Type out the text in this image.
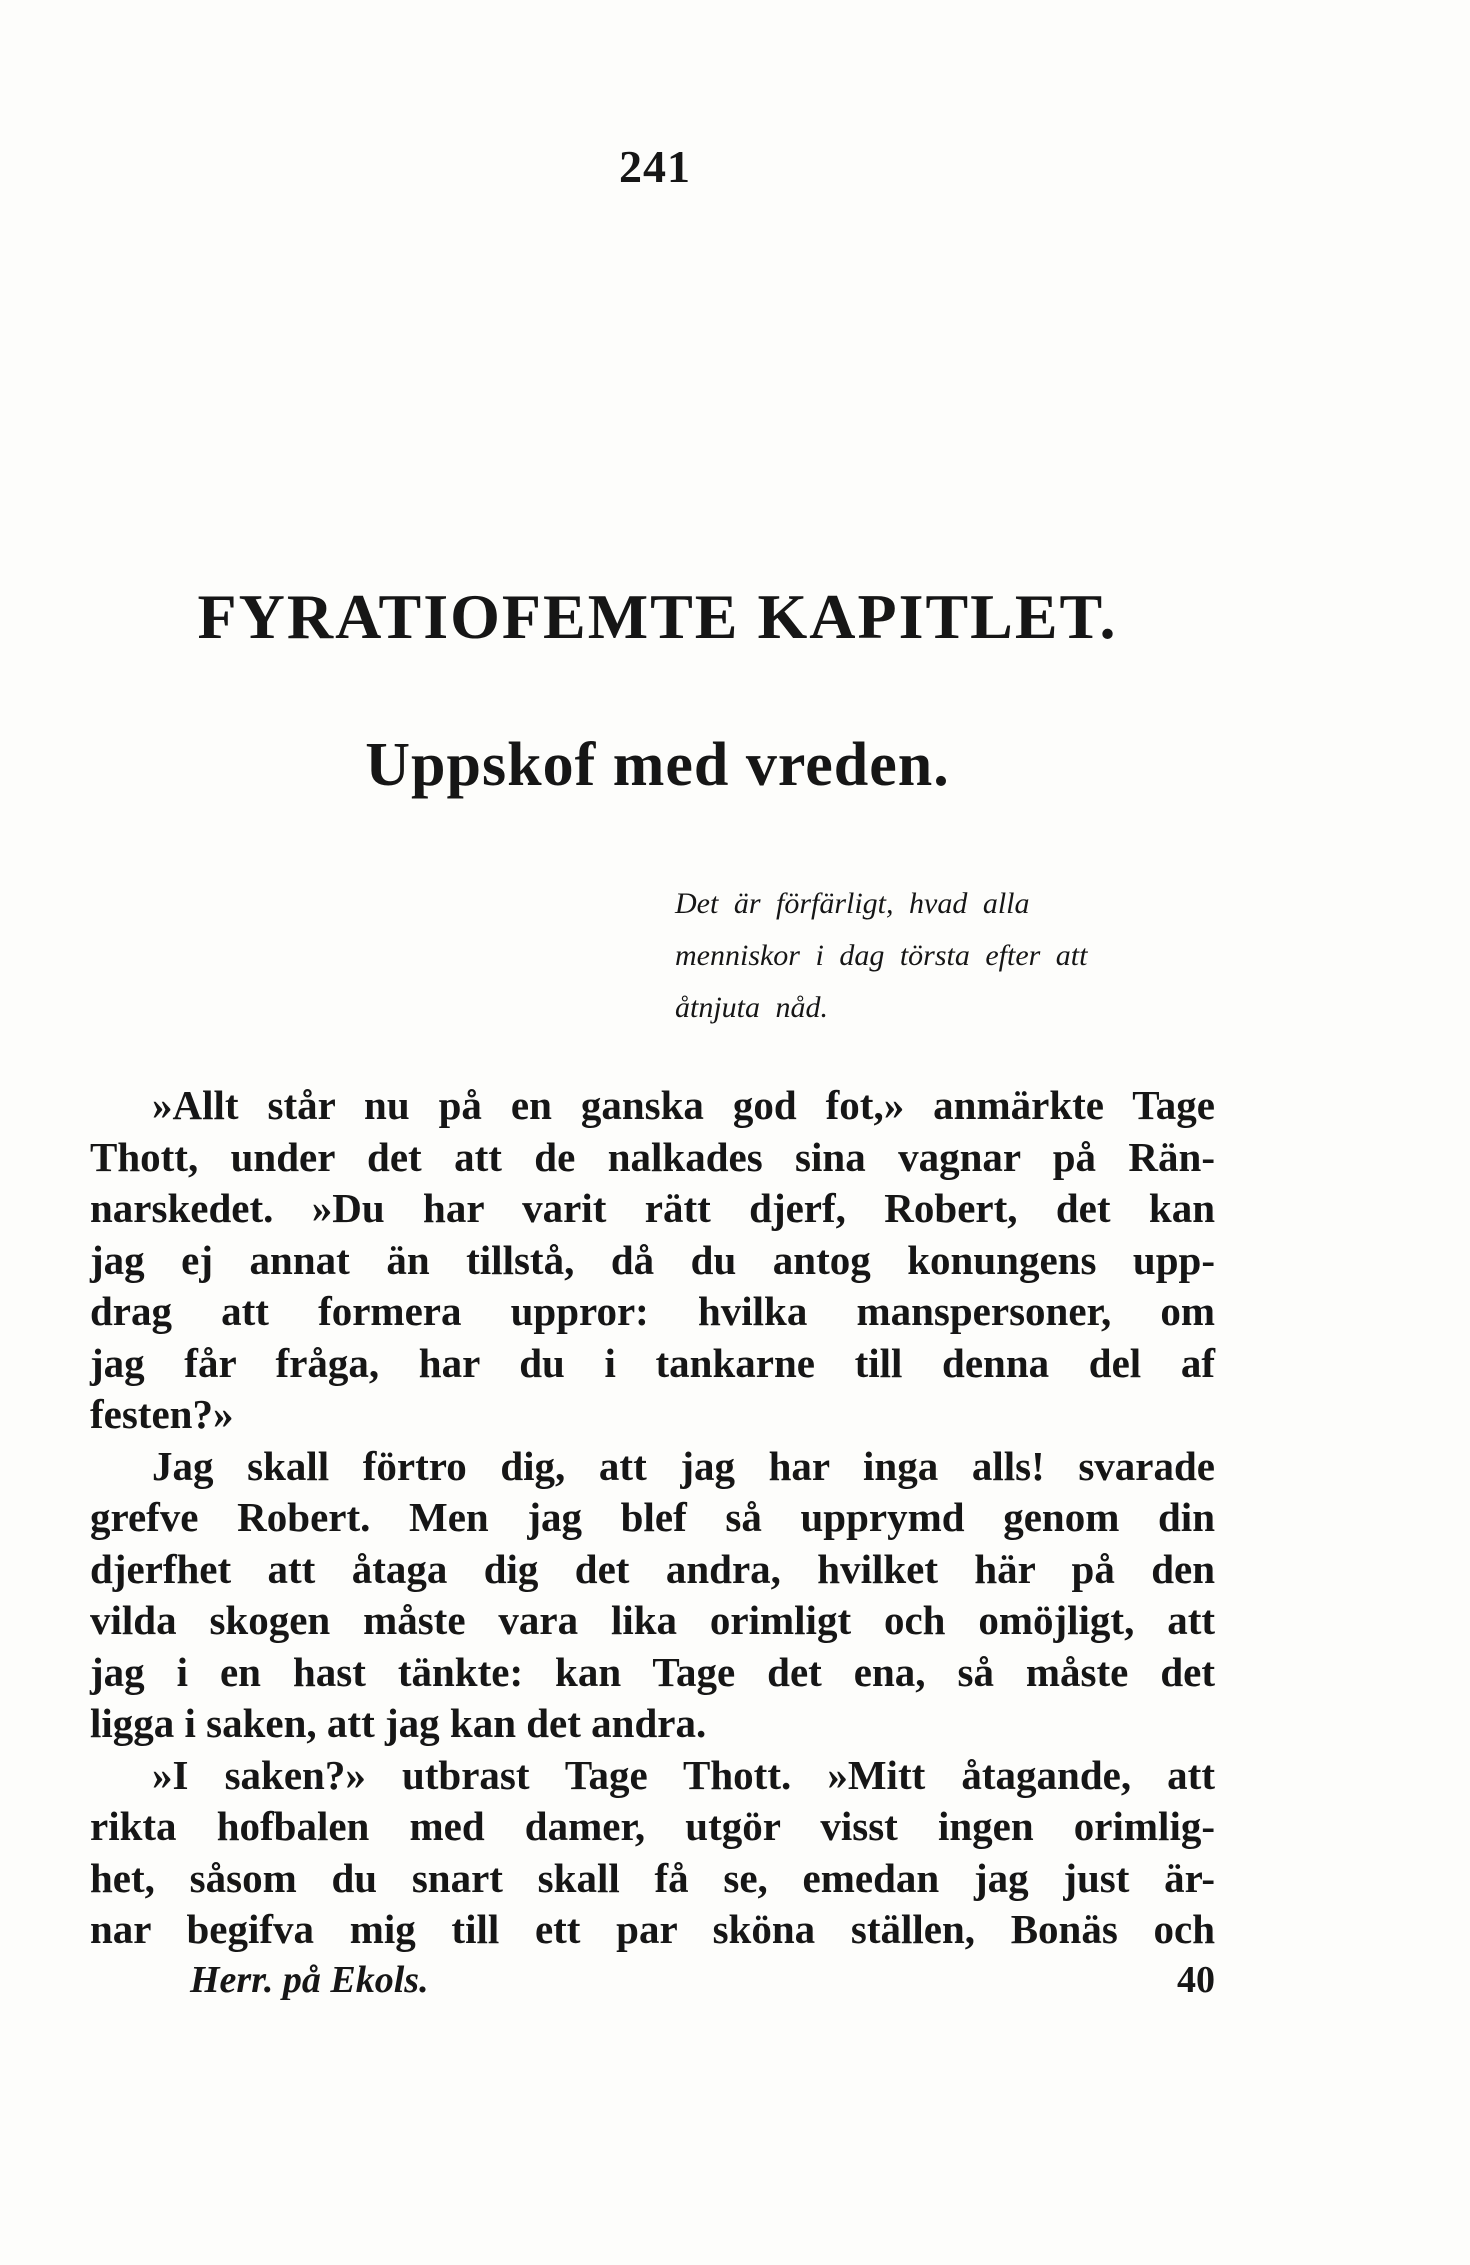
241
FYRATIOFEMTE KAPITLET.
Uppskof med vreden.
Det är förfärligt, hvad alla
menniskor i dag törsta efter att
åtnjuta nåd.
»Allt står nu på en ganska god fot,» anmärkte Tage
Thott, under det att de nalkades sina vagnar på Rän-
narskedet. »Du har varit rätt djerf, Robert, det kan
jag ej annat än tillstå, då du antog konungens upp-
drag att formera uppror: hvilka manspersoner, om
jag får fråga, har du i tankarne till denna del af
festen?»
Jag skall förtro dig, att jag har inga alls! svarade
grefve Robert. Men jag blef så upprymd genom din
djerfhet att åtaga dig det andra, hvilket här på den
vilda skogen måste vara lika orimligt och omöjligt, att
jag i en hast tänkte: kan Tage det ena, så måste det
ligga i saken, att jag kan det andra.
»I saken?» utbrast Tage Thott. »Mitt åtagande, att
rikta hofbalen med damer, utgör visst ingen orimlig-
het, såsom du snart skall få se, emedan jag just är-
nar begifva mig till ett par sköna ställen, Bonäs och
Herr. på Ekols.	40
